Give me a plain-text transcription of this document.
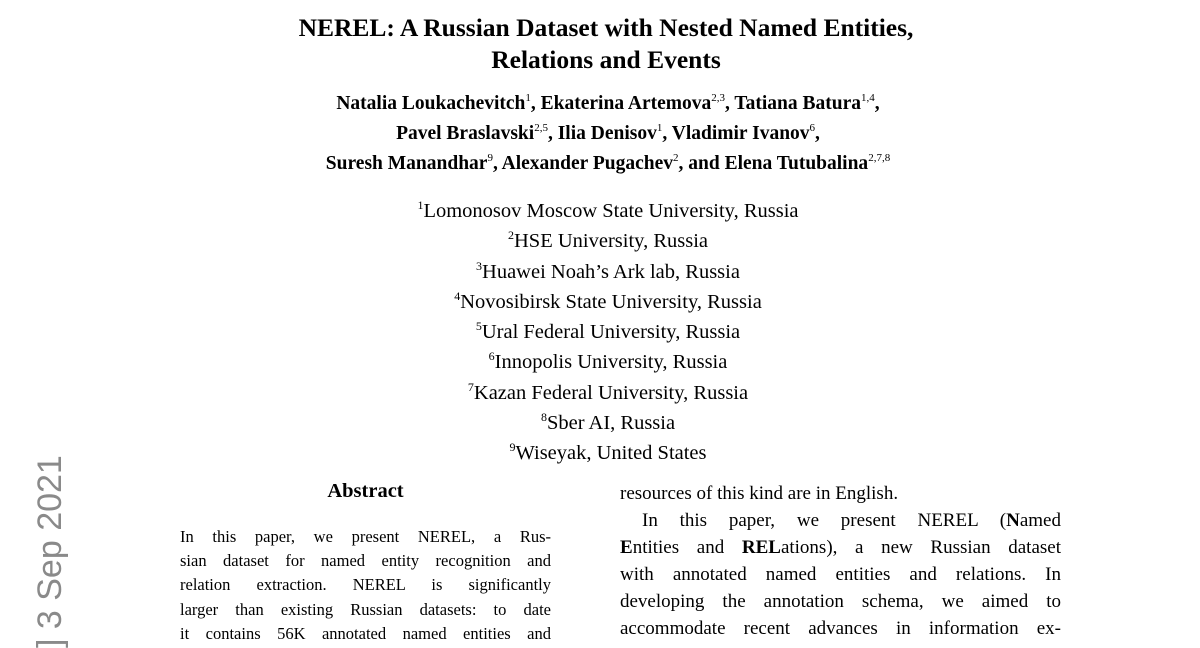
NEREL: A Russian Dataset with Nested Named Entities,
Relations and Events
Natalia Loukachevitch$^1$, Ekaterina Artemova$^{2,3}$, Tatiana Batura$^{1,4}$,
Pavel Braslavski$^{2,5}$, Ilia Denisov$^1$, Vladimir Ivanov$^6$,
Suresh Manandhar$^9$, Alexander Pugachev$^2$, and Elena Tutubalina$^{2,7,8}$
$^1$Lomonosov Moscow State University, Russia
$^2$HSE University, Russia
$^3$Huawei Noah’s Ark lab, Russia
$^4$Novosibirsk State University, Russia
$^5$Ural Federal University, Russia
$^6$Innopolis University, Russia
$^7$Kazan Federal University, Russia
$^8$Sber AI, Russia
$^9$Wiseyak, United States
] 3 Sep 2021	Abstract
In this paper, we present NEREL, a Rus-
sian dataset for named entity recognition and
relation extraction. NEREL is significantly
larger than existing Russian datasets: to date
it contains 56K annotated named entities and
resources of this kind are in English.
In this paper, we present NEREL (Named
Entities and RELations), a new Russian dataset
with annotated named entities and relations. In
developing the annotation schema, we aimed to
accommodate recent advances in information ex-
